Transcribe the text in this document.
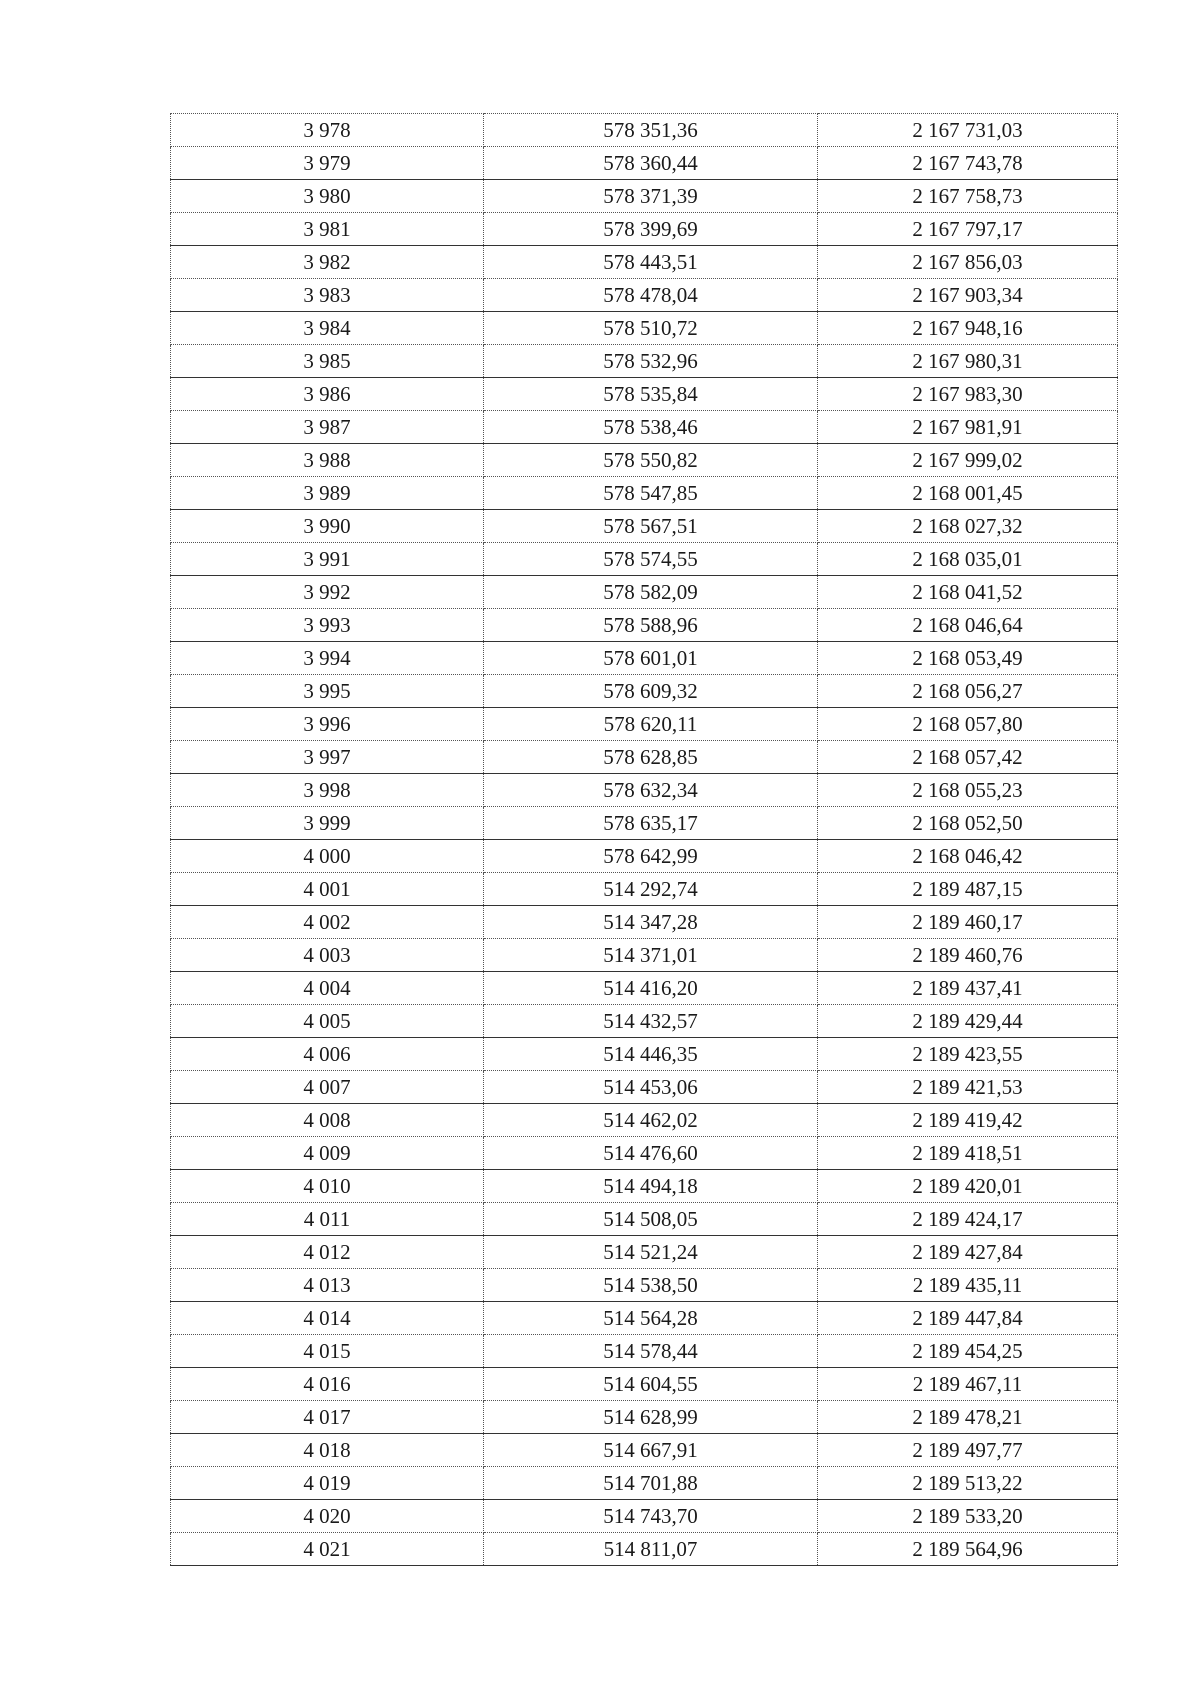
3 978	578 351,36	2 167 731,03
3 979	578 360,44	2 167 743,78
3 980	578 371,39	2 167 758,73
3 981	578 399,69	2 167 797,17
3 982	578 443,51	2 167 856,03
3 983	578 478,04	2 167 903,34
3 984	578 510,72	2 167 948,16
3 985	578 532,96	2 167 980,31
3 986	578 535,84	2 167 983,30
3 987	578 538,46	2 167 981,91
3 988	578 550,82	2 167 999,02
3 989	578 547,85	2 168 001,45
3 990	578 567,51	2 168 027,32
3 991	578 574,55	2 168 035,01
3 992	578 582,09	2 168 041,52
3 993	578 588,96	2 168 046,64
3 994	578 601,01	2 168 053,49
3 995	578 609,32	2 168 056,27
3 996	578 620,11	2 168 057,80
3 997	578 628,85	2 168 057,42
3 998	578 632,34	2 168 055,23
3 999	578 635,17	2 168 052,50
4 000	578 642,99	2 168 046,42
4 001	514 292,74	2 189 487,15
4 002	514 347,28	2 189 460,17
4 003	514 371,01	2 189 460,76
4 004	514 416,20	2 189 437,41
4 005	514 432,57	2 189 429,44
4 006	514 446,35	2 189 423,55
4 007	514 453,06	2 189 421,53
4 008	514 462,02	2 189 419,42
4 009	514 476,60	2 189 418,51
4 010	514 494,18	2 189 420,01
4 011	514 508,05	2 189 424,17
4 012	514 521,24	2 189 427,84
4 013	514 538,50	2 189 435,11
4 014	514 564,28	2 189 447,84
4 015	514 578,44	2 189 454,25
4 016	514 604,55	2 189 467,11
4 017	514 628,99	2 189 478,21
4 018	514 667,91	2 189 497,77
4 019	514 701,88	2 189 513,22
4 020	514 743,70	2 189 533,20
4 021	514 811,07	2 189 564,96
